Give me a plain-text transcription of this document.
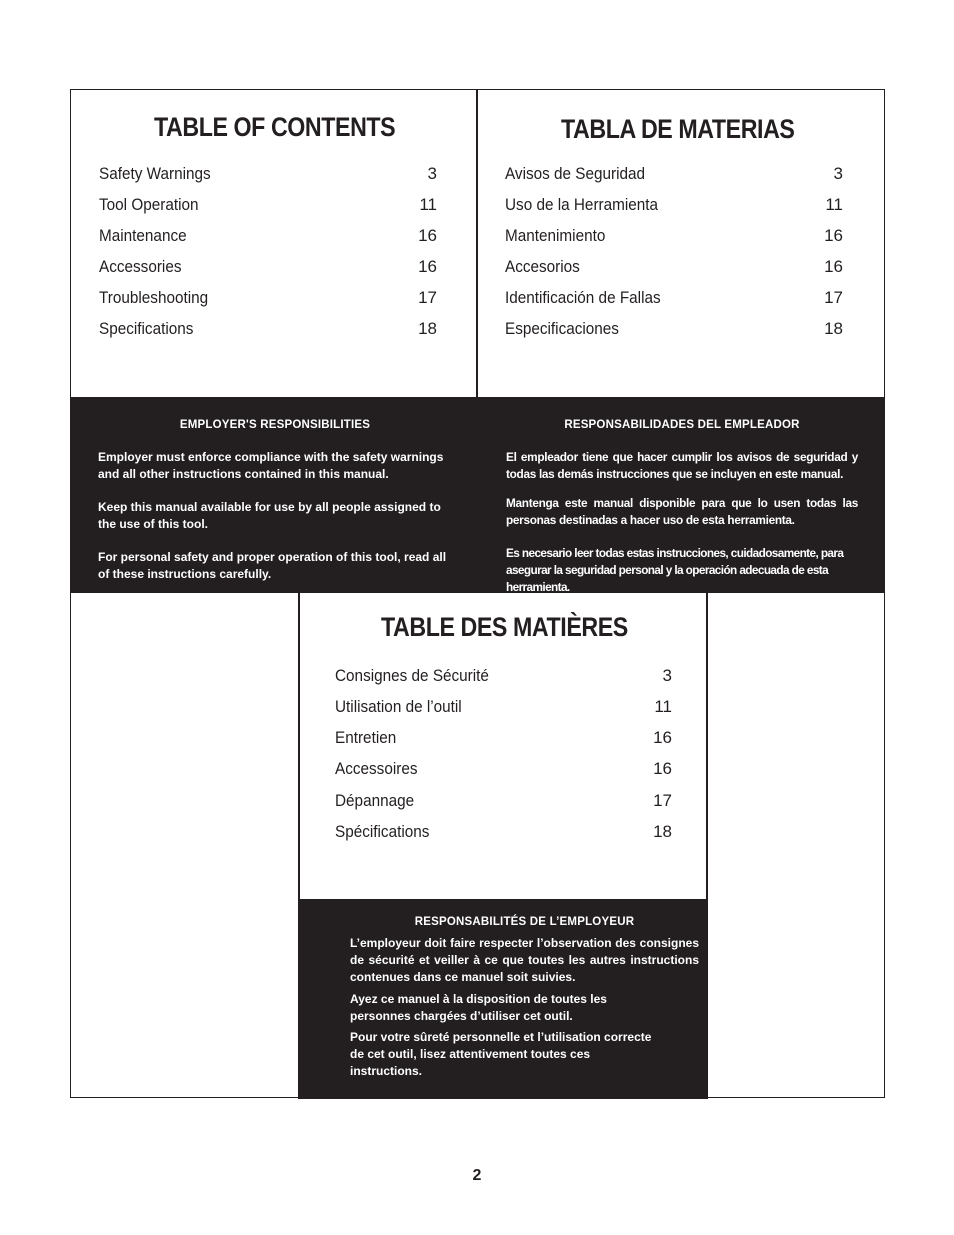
TABLE OF CONTENTS
Safety Warnings	3
Tool Operation	11
Maintenance	16
Accessories	16
Troubleshooting	17
Specifications	18
TABLA DE MATERIAS
Avisos de Seguridad	3
Uso de la Herramienta	11
Mantenimiento	16
Accesorios	16
Identificación de Fallas	17
Especificaciones	18
EMPLOYER'S RESPONSIBILITIES

Employer must enforce compliance with the safety warnings and all other instructions contained in this manual.

Keep this manual available for use by all people assigned to the use of this tool.

For personal safety and proper operation of this tool, read all of these instructions carefully.

RESPONSABILIDADES DEL EMPLEADOR

El empleador tiene que hacer cumplir los avisos de seguridad y todas las demás instrucciones que se incluyen en este manual.

Mantenga este manual disponible para que lo usen todas las personas destinadas a hacer uso de esta herramienta.

Es necesario leer todas estas instrucciones, cuidadosamente, para asegurar la seguridad personal y la operación adecuada de esta herramienta.

TABLE DES MATIÈRES
Consignes de Sécurité	3
Utilisation de l’outil	11
Entretien	16
Accessoires	16
Dépannage	17
Spécifications	18
RESPONSABILITÉS DE L’EMPLOYEUR

L’employeur doit faire respecter l’observation des consignes de sécurité et veiller à ce que toutes les autres instructions contenues dans ce manuel soit suivies.

Ayez ce manuel à la disposition de toutes les personnes chargées d’utiliser cet outil.

Pour votre sûreté personnelle et l’utilisation correcte de cet outil, lisez attentivement toutes ces instructions.

2
